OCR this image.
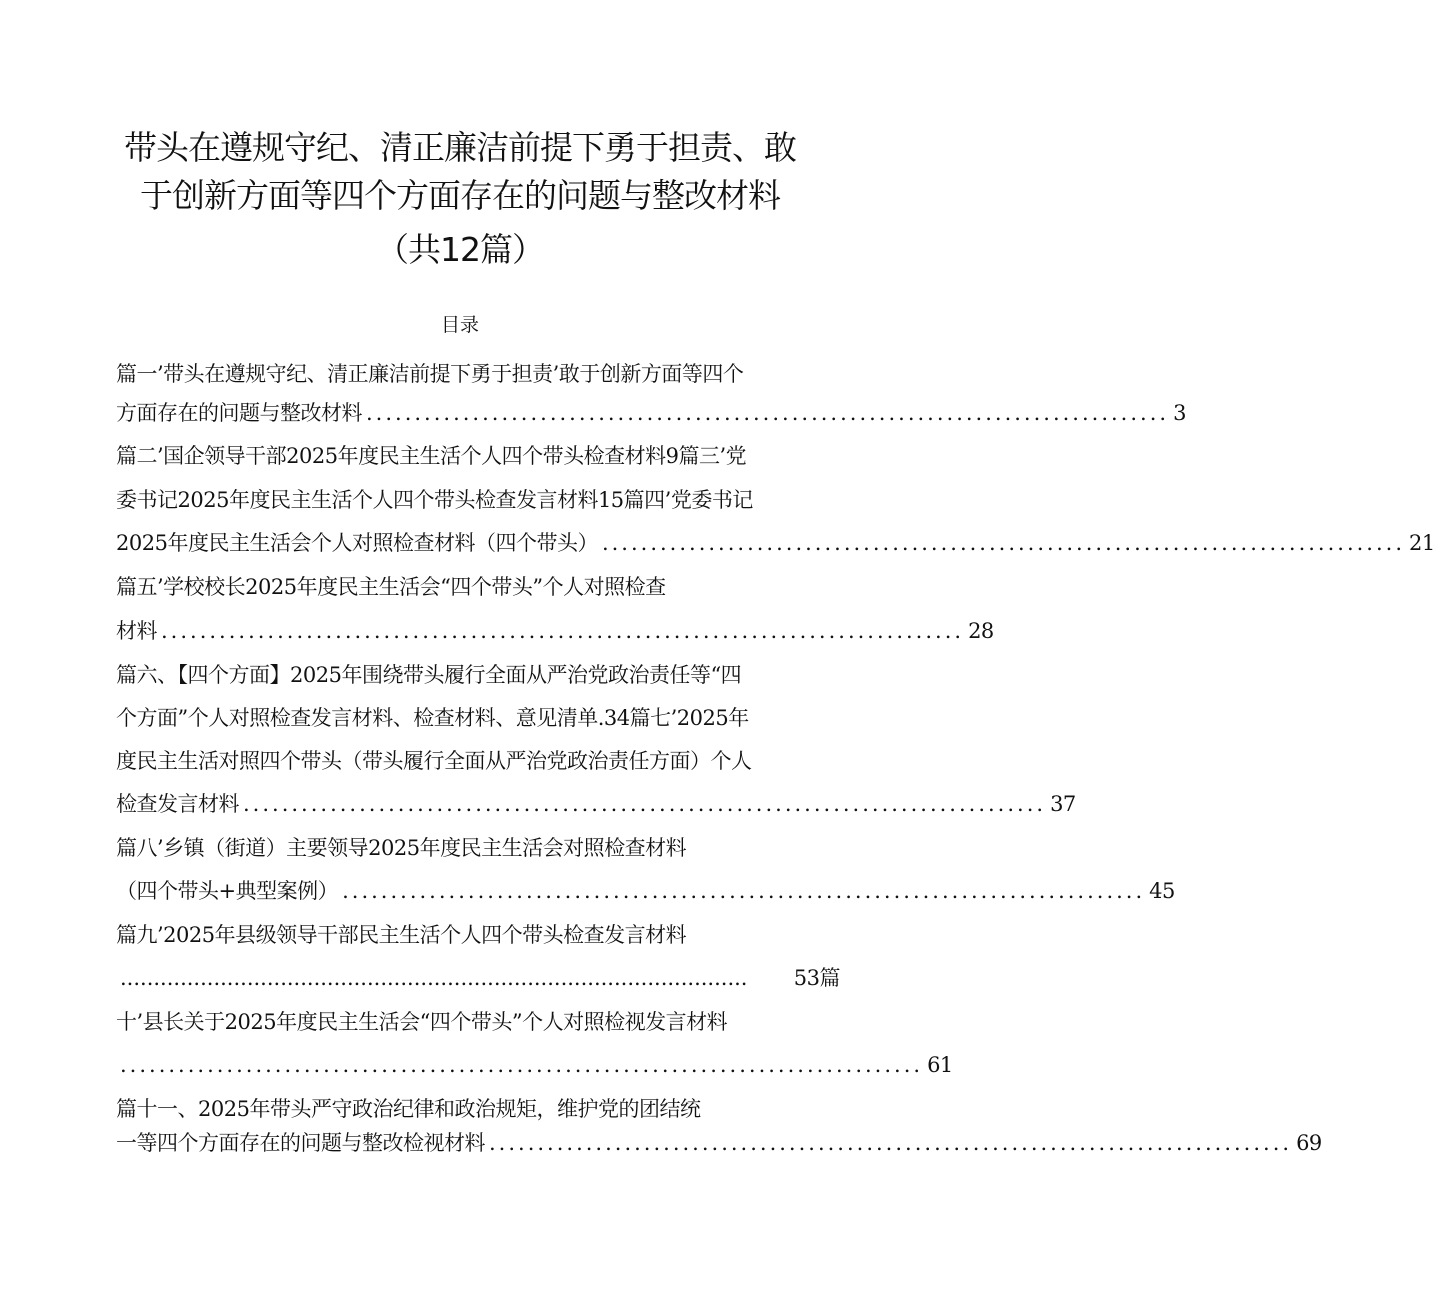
带头在遵规守纪、清正廉洁前提下勇于担责、敢
于创新方面等四个方面存在的问题与整改材料
（共12篇）
目录
篇一’带头在遵规守纪、清正廉洁前提下勇于担责’敢于创新方面等四个
方面存在的问题与整改材料 ................................................................................... 3
篇二’国企领导干部2025年度民主生活个人四个带头检查材料9篇三’党
委书记2025年度民主生活个人四个带头检查发言材料15篇四’党委书记
2025年度民主生活会个人对照检查材料（四个带头） ................................................................................... 21
篇五’学校校长2025年度民主生活会“四个带头”个人对照检查
材料 ................................................................................... 28
篇六、【四个方面】2025年围绕带头履行全面从严治党政治责任等“四
个方面”个人对照检查发言材料、检查材料、意见清单.34篇七’2025年
度民主生活对照四个带头（带头履行全面从严治党政治责任方面）个人
检查发言材料 ................................................................................... 37
篇八’乡镇（街道）主要领导2025年度民主生活会对照检查材料
（四个带头+典型案例） ................................................................................... 45
篇九’2025年县级领导干部民主生活个人四个带头检查发言材料
..............................................................................................	53篇
十’县长关于2025年度民主生活会“四个带头”个人对照检视发言材料
................................................................................... 61
篇十一、2025年带头严守政治纪律和政治规矩，维护党的团结统
一等四个方面存在的问题与整改检视材料 ................................................................................... 69
